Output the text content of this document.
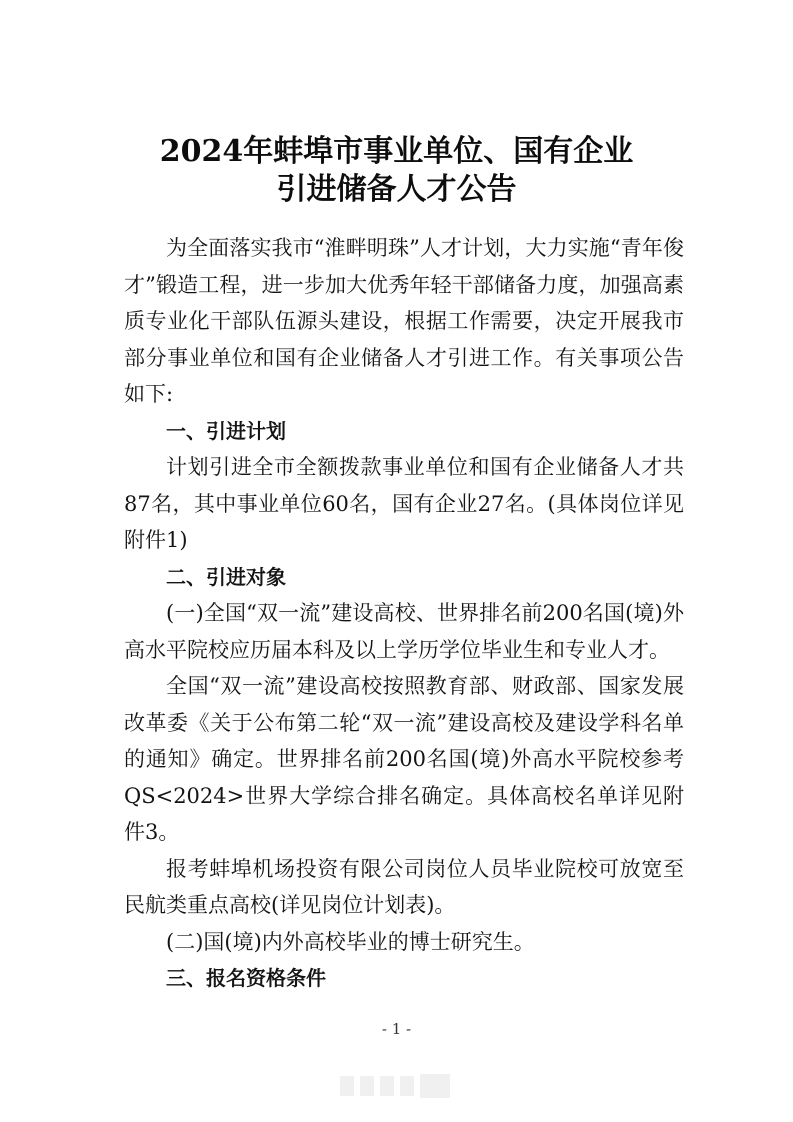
2024年蚌埠市事业单位、国有企业
引进储备人才公告

为全面落实我市“淮畔明珠”人才计划，大力实施“青年俊才”锻造工程，进一步加大优秀年轻干部储备力度，加强高素质专业化干部队伍源头建设，根据工作需要，决定开展我市部分事业单位和国有企业储备人才引进工作。有关事项公告如下:

一、引进计划

计划引进全市全额拨款事业单位和国有企业储备人才共87名，其中事业单位60名，国有企业27名。(具体岗位详见附件1)

二、引进对象

(一)全国“双一流”建设高校、世界排名前200名国(境)外高水平院校应历届本科及以上学历学位毕业生和专业人才。

全国“双一流”建设高校按照教育部、财政部、国家发展改革委《关于公布第二轮“双一流”建设高校及建设学科名单的通知》确定。世界排名前200名国(境)外高水平院校参考QS<2024>世界大学综合排名确定。具体高校名单详见附件3。

报考蚌埠机场投资有限公司岗位人员毕业院校可放宽至民航类重点高校(详见岗位计划表)。

(二)国(境)内外高校毕业的博士研究生。

三、报名资格条件

- 1 -
